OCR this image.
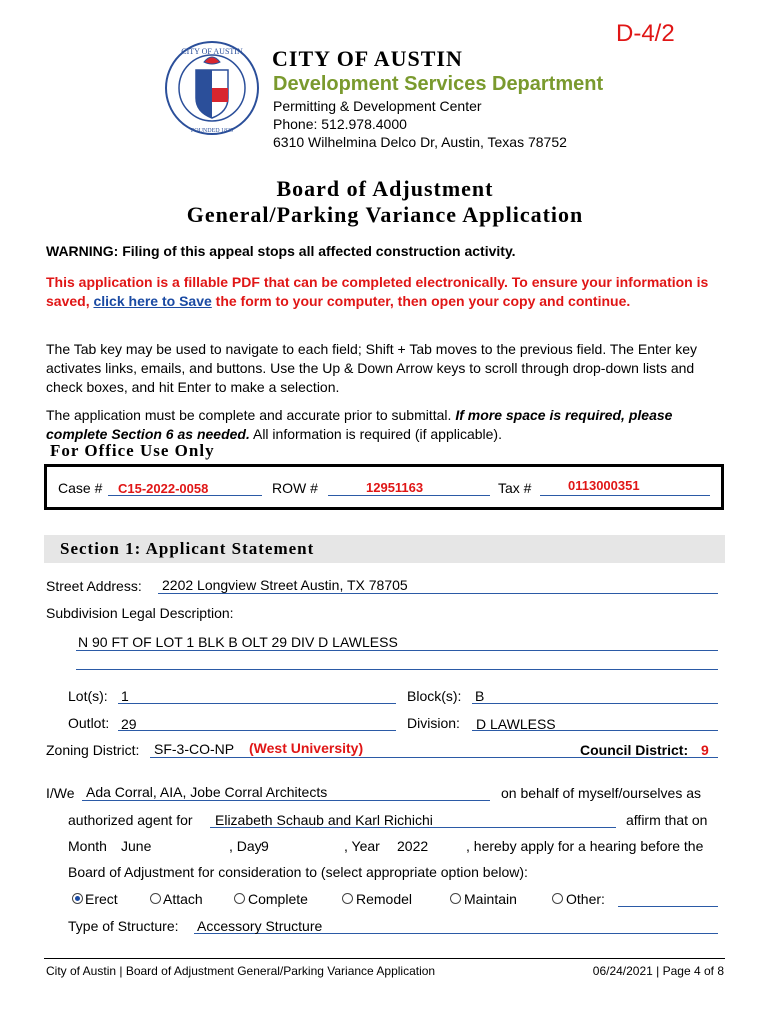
D-4/2
CITY OF AUSTIN
FOUNDED 1839
CITY OF AUSTIN
Development Services Department
Permitting & Development Center
Phone: 512.978.4000
6310 Wilhelmina Delco Dr, Austin, Texas 78752
Board of Adjustment
General/Parking Variance Application
WARNING: Filing of this appeal stops all affected construction activity.
This application is a fillable PDF that can be completed electronically. To ensure your information is saved, click here to Save the form to your computer, then open your copy and continue.
The Tab key may be used to navigate to each field; Shift + Tab moves to the previous field. The Enter key activates links, emails, and buttons. Use the Up & Down Arrow keys to scroll through drop-down lists and check boxes, and hit Enter to make a selection.
The application must be complete and accurate prior to submittal. If more space is required, please complete Section 6 as needed. All information is required (if applicable).
For Office Use Only
Case # C15-2022-0058	ROW #	12951163	Tax #	0113000351
Section 1: Applicant Statement
Street Address: 2202 Longview Street Austin, TX 78705
Subdivision Legal Description:
N 90 FT OF LOT 1 BLK B OLT 29 DIV D LAWLESS
Lot(s): 1	Block(s): B
Outlot: 29	Division: D LAWLESS
Zoning District: SF-3-CO-NP (West University)	Council District: 9
I/We Ada Corral, AIA, Jobe Corral Architects	on behalf of myself/ourselves as
authorized agent for Elizabeth Schaub and Karl Richichi	affirm that on
Month June	, Day 9	, Year 2022	, hereby apply for a hearing before the
Board of Adjustment for consideration to (select appropriate option below):
Erect	Attach	Complete	Remodel	Maintain	Other:
Type of Structure: Accessory Structure
City of Austin | Board of Adjustment General/Parking Variance Application	06/24/2021 | Page 4 of 8
